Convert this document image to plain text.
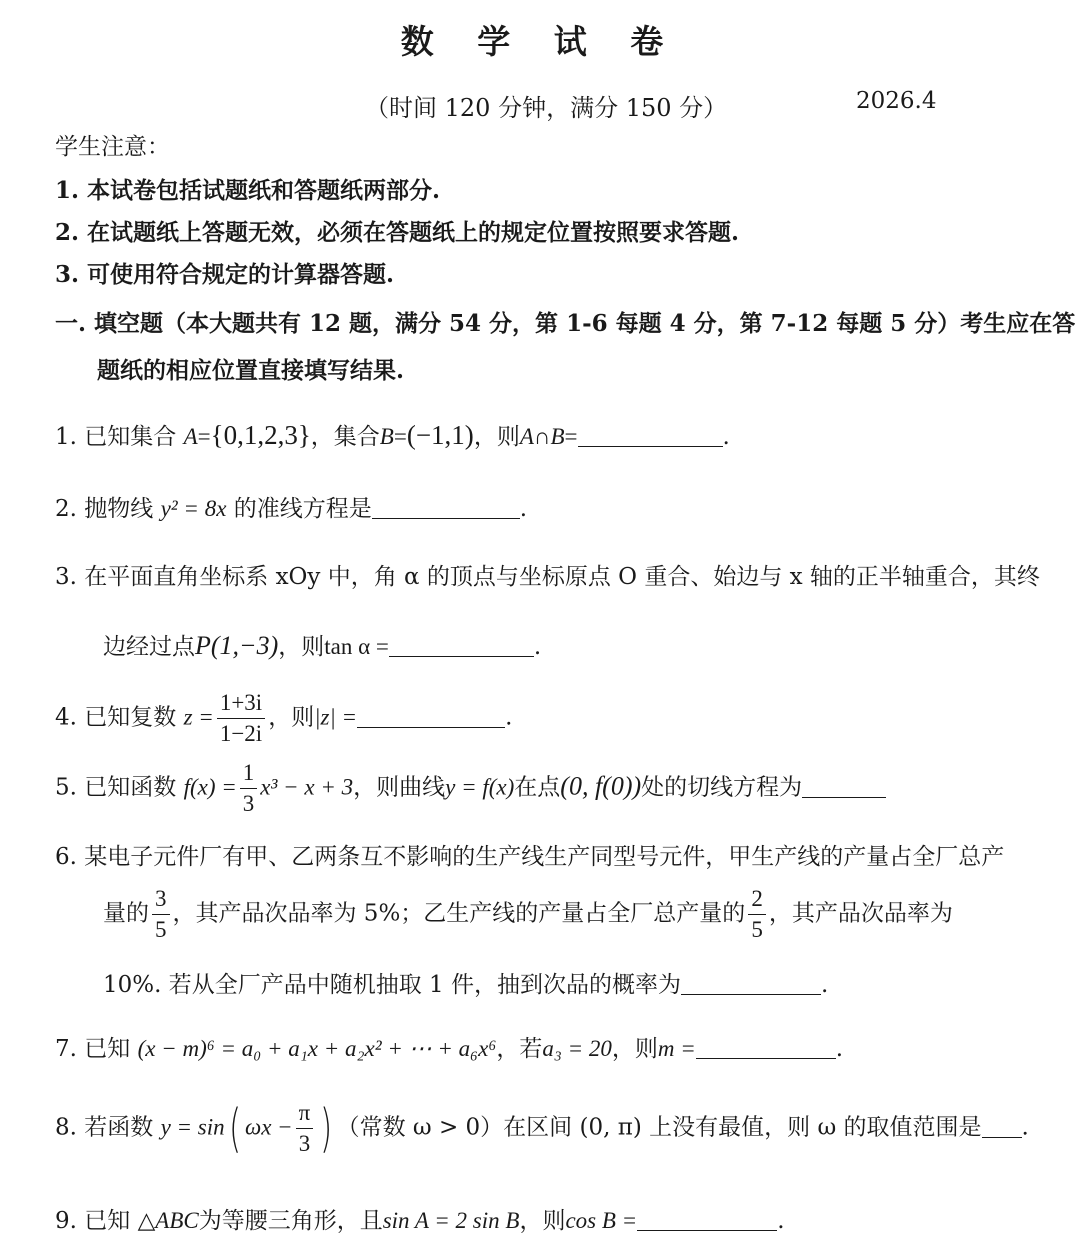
数 学 试 卷
（时间 120 分钟，满分 150 分）	2026.4
学生注意：
1. 本试卷包括试题纸和答题纸两部分.
2. 在试题纸上答题无效，必须在答题纸上的规定位置按照要求答题.
3. 可使用符合规定的计算器答题.
一. 填空题（本大题共有 12 题，满分 54 分，第 1-6 每题 4 分，第 7-12 每题 5 分）考生应在答
题纸的相应位置直接填写结果.
1. 已知集合 A={0,1,2,3}，集合B=(−1,1)，则A∩B=	.
2. 抛物线 y² = 8x 的准线方程是	.
3. 在平面直角坐标系 xOy 中，角 α 的顶点与坐标原点 O 重合、始边与 x 轴的正半轴重合，其终
边经过点P(1,−3)，则tan α =	.
4. 已知复数 $z = \frac{1+3i}{1-2i}$ ，则|z| =	.
5. 已知函数 $f(x) = \frac{1}{3} x^3 - x + 3$，则曲线y = f(x)在点(0, f(0))处的切线方程为
6. 某电子元件厂有甲、乙两条互不影响的生产线生产同型号元件，甲生产线的产量占全厂总产
量的 $\frac{3}{5}$ ，其产品次品率为 5%；乙生产线的产量占全厂总产量的 $\frac{2}{5}$ ，其产品次品率为
10%. 若从全厂产品中随机抽取 1 件，抽到次品的概率为	.
7. 已知 (x − m)⁶ = a₀ + a₁x + a₂x² + ⋯ + a₆x⁶，若a₃ = 20，则m =	.
8. 若函数 y = sin( $\omega x - \frac{\pi}{3}$ ) （常数 ω > 0）在区间 (0, π) 上没有最值，则 ω 的取值范围是 .
9. 已知 △ABC为等腰三角形，且sin A = 2 sin B，则cos B =	.
